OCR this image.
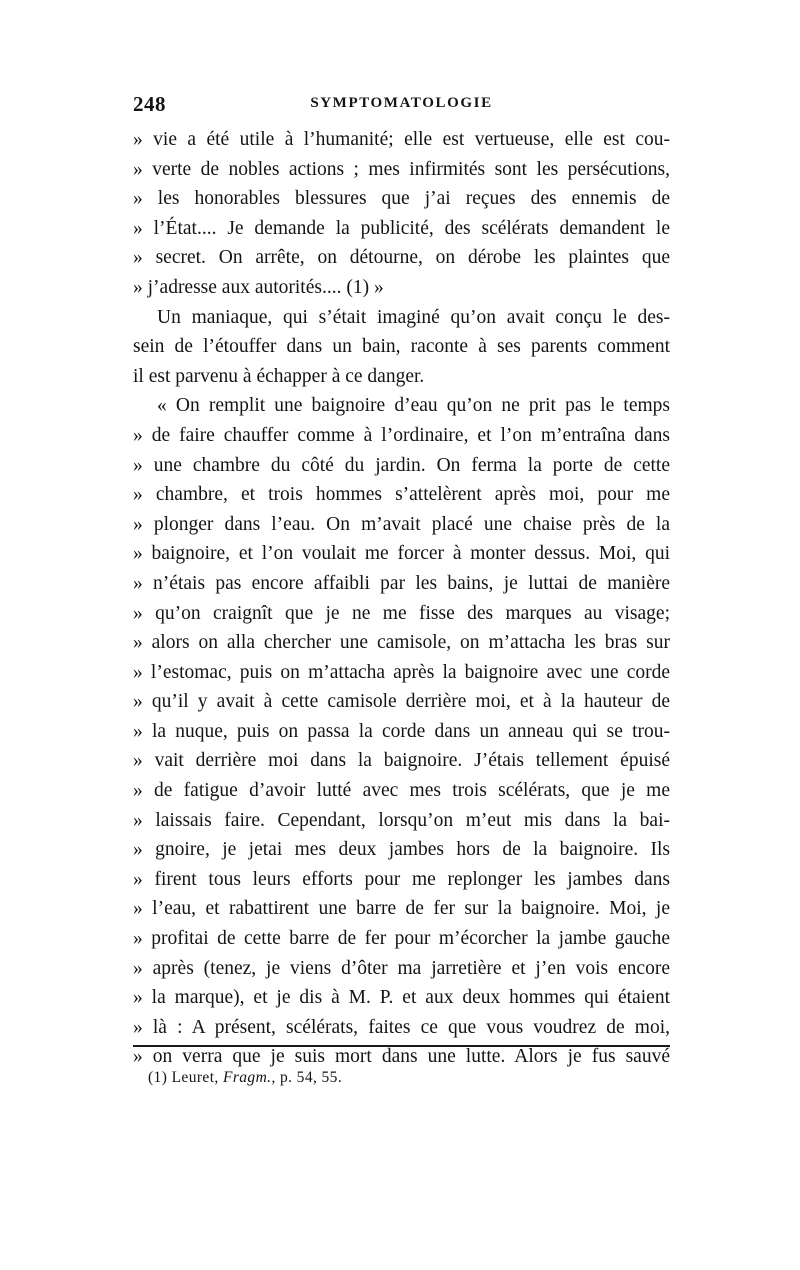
248	SYMPTOMATOLOGIE
» vie a été utile à l’humanité; elle est vertueuse, elle est cou-
» verte de nobles actions ; mes infirmités sont les persécutions,
» les honorables blessures que j’ai reçues des ennemis de
» l’État.... Je demande la publicité, des scélérats demandent le
» secret. On arrête, on détourne, on dérobe les plaintes que
» j’adresse aux autorités.... (1) »
Un maniaque, qui s’était imaginé qu’on avait conçu le des-
sein de l’étouffer dans un bain, raconte à ses parents comment
il est parvenu à échapper à ce danger.
« On remplit une baignoire d’eau qu’on ne prit pas le temps
» de faire chauffer comme à l’ordinaire, et l’on m’entraîna dans
» une chambre du côté du jardin. On ferma la porte de cette
» chambre, et trois hommes s’attelèrent après moi, pour me
» plonger dans l’eau. On m’avait placé une chaise près de la
» baignoire, et l’on voulait me forcer à monter dessus. Moi, qui
» n’étais pas encore affaibli par les bains, je luttai de manière
» qu’on craignît que je ne me fisse des marques au visage;
» alors on alla chercher une camisole, on m’attacha les bras sur
» l’estomac, puis on m’attacha après la baignoire avec une corde
» qu’il y avait à cette camisole derrière moi, et à la hauteur de
» la nuque, puis on passa la corde dans un anneau qui se trou-
» vait derrière moi dans la baignoire. J’étais tellement épuisé
» de fatigue d’avoir lutté avec mes trois scélérats, que je me
» laissais faire. Cependant, lorsqu’on m’eut mis dans la bai-
» gnoire, je jetai mes deux jambes hors de la baignoire. Ils
» firent tous leurs efforts pour me replonger les jambes dans
» l’eau, et rabattirent une barre de fer sur la baignoire. Moi, je
» profitai de cette barre de fer pour m’écorcher la jambe gauche
» après (tenez, je viens d’ôter ma jarretière et j’en vois encore
» la marque), et je dis à M. P. et aux deux hommes qui étaient
» là : A présent, scélérats, faites ce que vous voudrez de moi,
» on verra que je suis mort dans une lutte. Alors je fus sauvé
(1) Leuret, Fragm., p. 54, 55.
